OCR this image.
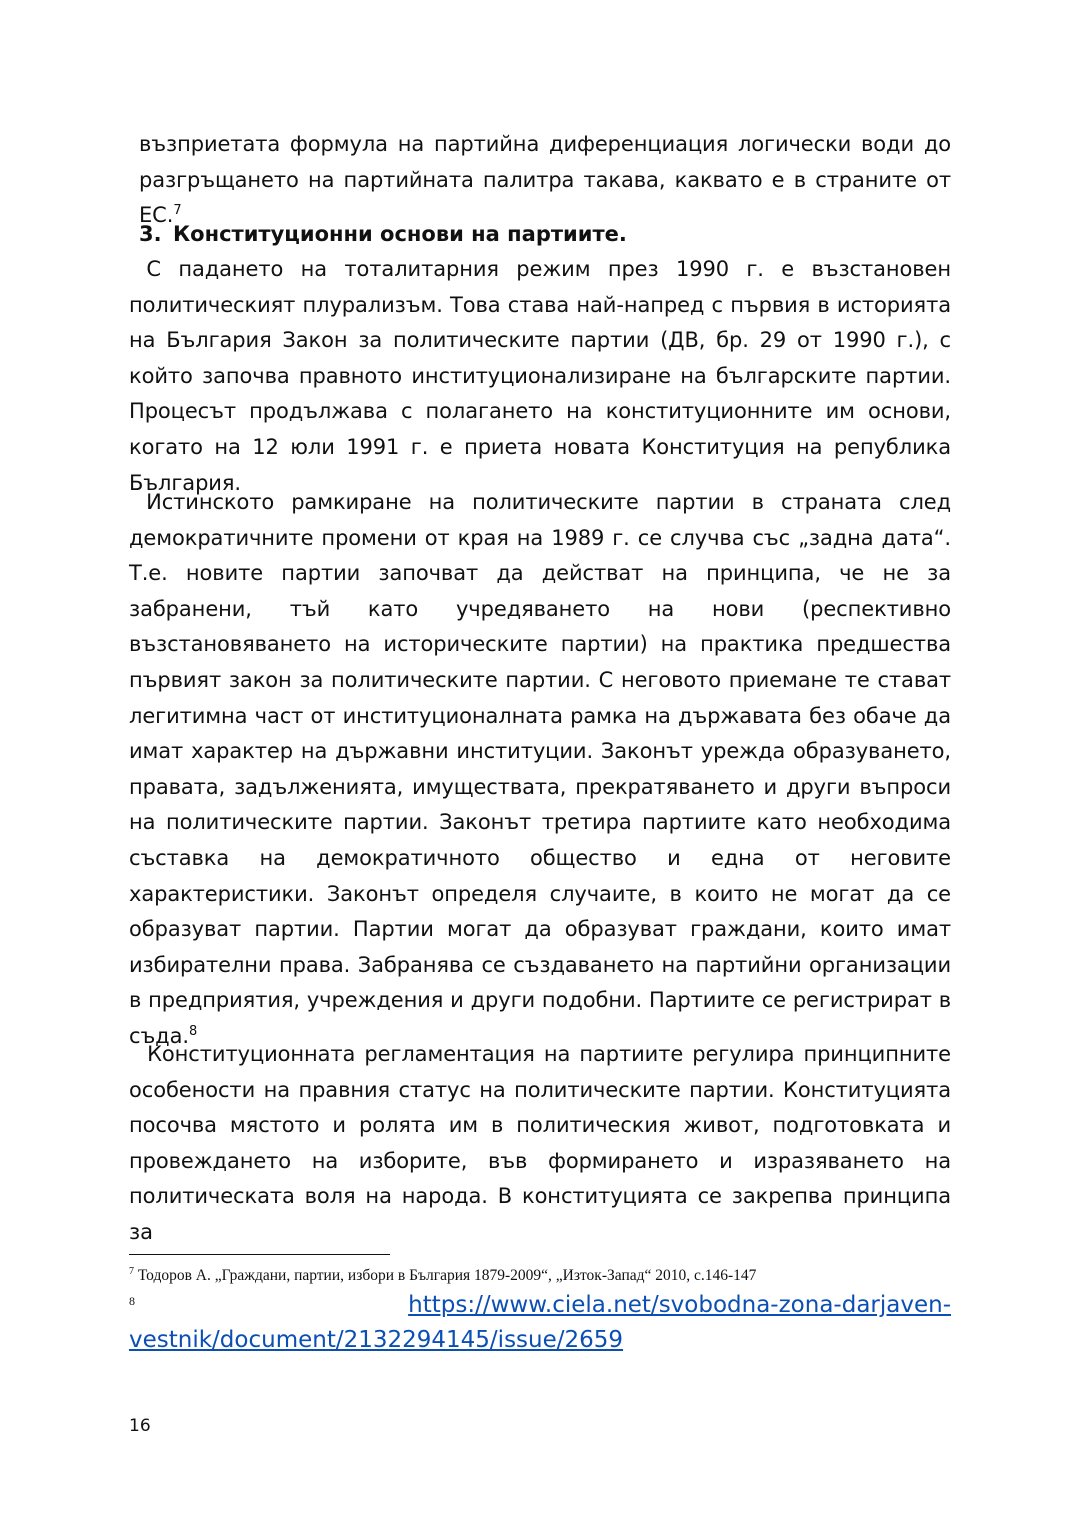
възприетата формула на партийна диференциация логически води до разгръщането на партийната палитра такава, каквато е в страните от ЕС.$^7$

3. Конституционни основи на партиите.

С падането на тоталитарния режим през 1990 г. е възстановен политическият плурализъм. Това става най-напред с първия в историята на България Закон за политическите партии (ДВ, бр. 29 от 1990 г.), с който започва правното институционализиране на българските партии. Процесът продължава с полагането на конституционните им основи, когато на 12 юли 1991 г. е приета новата Конституция на република България.

Истинското рамкиране на политическите партии в страната след демократичните промени от края на 1989 г. се случва със „задна дата“. Т.е. новите партии започват да действат на принципа, че не за забранени, тъй като учредяването на нови (респективно възстановяването на историческите партии) на практика предшества първият закон за политическите партии. С неговото приемане те стават легитимна част от институционалната рамка на държавата без обаче да имат характер на държавни институции. Законът урежда образуването, правата, задълженията, имуществата, прекратяването и други въпроси на политическите партии. Законът третира партиите като необходима съставка на демократичното общество и една от неговите характеристики. Законът определя случаите, в които не могат да се образуват партии. Партии могат да образуват граждани, които имат избирателни права. Забранява се създаването на партийни организации в предприятия, учреждения и други подобни. Партиите се регистрират в съда.$^8$

Конституционната регламентация на партиите регулира принципните особености на правния статус на политическите партии. Конституцията посочва мястото и ролята им в политическия живот, подготовката и провеждането на изборите, във формирането и изразяването на политическата воля на народа. В конституцията се закрепва принципа за

$^7$ Тодоров А. „Граждани, партии, избори в България 1879-2009“, „Изток-Запад“ 2010, с.146-147
8	https://www.ciela.net/svobodna-zona-darjaven-
vestnik/document/2132294145/issue/2659
16
